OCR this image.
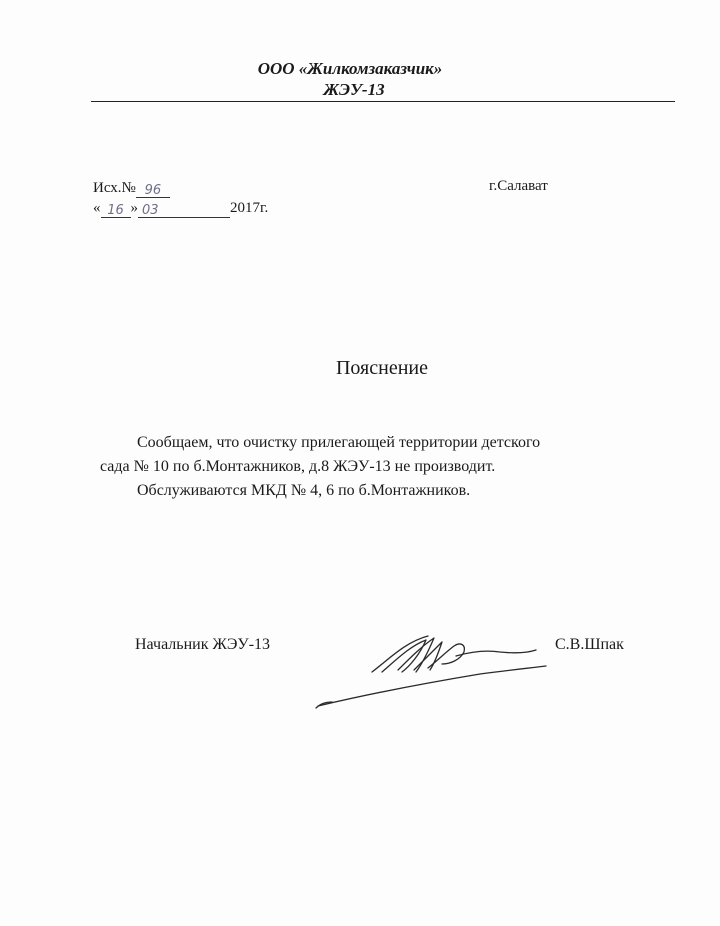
ООО «Жилкомзаказчик»
ЖЭУ-13
Исх.№ 96
« 16 » 03	2017г.
г.Салават
Пояснение

Сообщаем, что очистку прилегающей территории детского

сада № 10 по б.Монтажников, д.8 ЖЭУ-13 не производит.

Обслуживаются МКД № 4, 6 по б.Монтажников.

Начальник ЖЭУ-13	С.В.Шпак
